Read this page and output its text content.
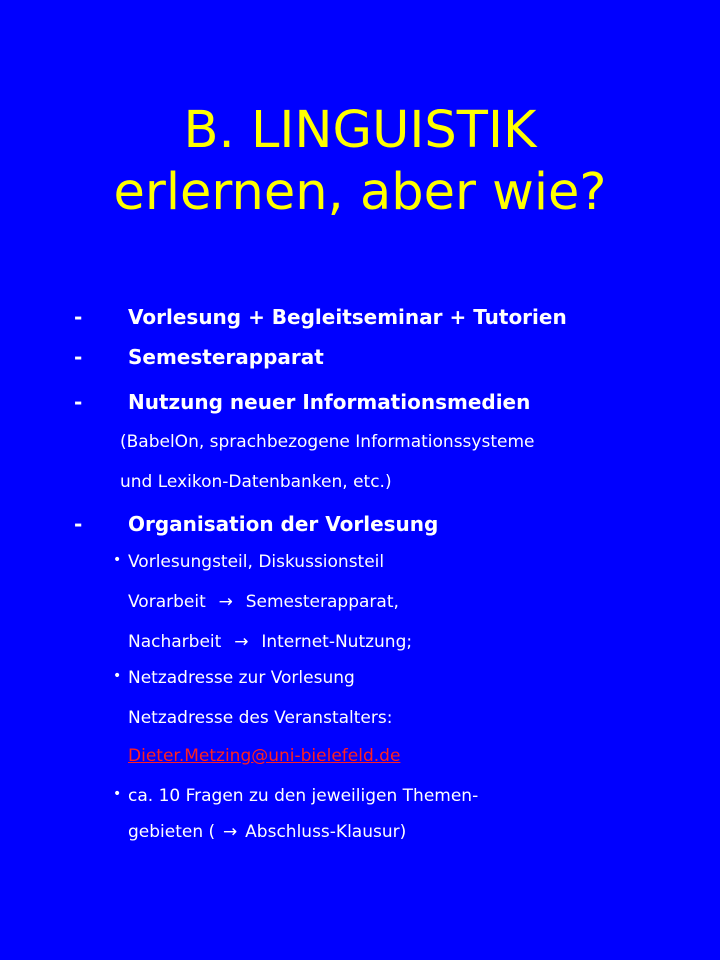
B. LINGUISTIK
erlernen, aber wie?
- Vorlesung + Begleitseminar + Tutorien
- Semesterapparat
- Nutzung neuer Informationsmedien
(BabelOn, sprachbezogene Informationssysteme
und Lexikon-Datenbanken, etc.)
- Organisation der Vorlesung
• Vorlesungsteil, Diskussionsteil
Vorarbeit → Semesterapparat,
Nacharbeit → Internet-Nutzung;
• Netzadresse zur Vorlesung
Netzadresse des Veranstalters:
Dieter.Metzing@uni-bielefeld.de
• ca. 10 Fragen zu den jeweiligen Themen-
gebieten ( → Abschluss-Klausur)
